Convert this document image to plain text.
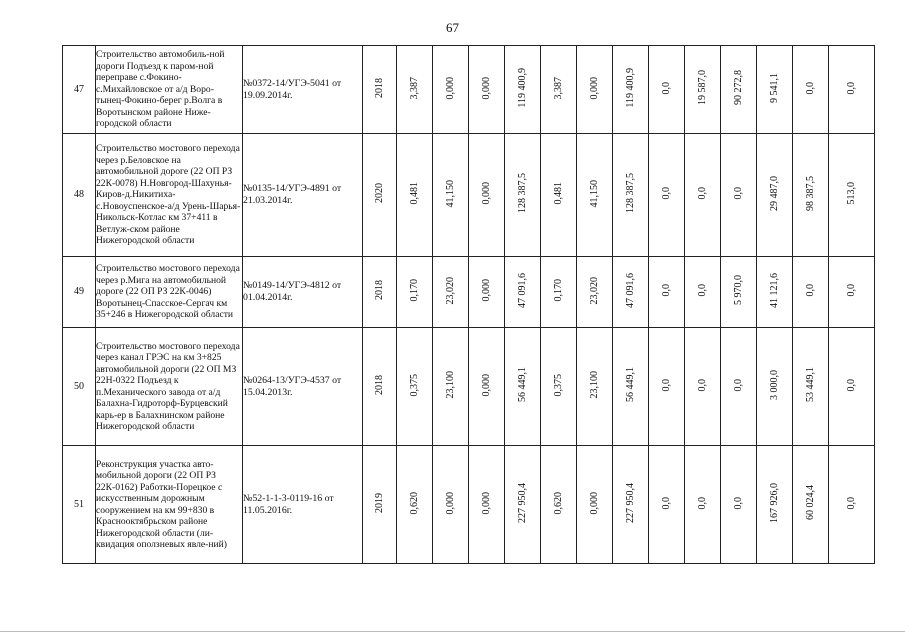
67
47	Строительство автомобиль-ной дороги Подъезд к паром-ной переправе с.Фокино-с.Михайловское от а/д Воро-тынец-Фокино-берег р.Волга в Воротынском районе Ниже-городской области	№0372-14/УГЭ-5041 от 19.09.2014г.	2018	3,387	0,000	0,000	119 400,9	3,387	0,000	119 400,9	0,0	19 587,0	90 272,8	9 541,1	0,0	0,0
48	Строительство мостового перехода через р.Беловское на автомобильной дороге (22 ОП РЗ 22К-0078) Н.Новгород-Шахунья-Киров-д.Никитиха-с.Новоуспенское-а/д Урень-Шарья-Никольск-Котлас км 37+411 в Ветлуж-ском районе Нижегородской области	№0135-14/УГЭ-4891 от 21.03.2014г.	2020	0,481	41,150	0,000	128 387,5	0,481	41,150	128 387,5	0,0	0,0	0,0	29 487,0	98 387,5	513,0
49	Строительство мостового перехода через р.Мига на автомобильной дороге (22 ОП РЗ 22К-0046) Воротынец-Спасское-Сергач км 35+246 в Нижегородской области	№0149-14/УГЭ-4812 от 01.04.2014г.	2018	0,170	23,020	0,000	47 091,6	0,170	23,020	47 091,6	0,0	0,0	5 970,0	41 121,6	0,0	0,0
50	Строительство мостового перехода через канал ГРЭС на км 3+825 автомобильной дороги (22 ОП МЗ 22Н-0322 Подъезд к п.Механического завода от а/д Балахна-Гидроторф-Бурцевский карь-ер в Балахнинском районе Нижегородской области	№0264-13/УГЭ-4537 от 15.04.2013г.	2018	0,375	23,100	0,000	56 449,1	0,375	23,100	56 449,1	0,0	0,0	0,0	3 000,0	53 449,1	0,0
51	Реконструкция участка авто-мобильной дороги (22 ОП РЗ 22К-0162) Работки-Порецкое с искусственным дорожным сооружением на км 99+830 в Краснооктябрьском районе Нижегородской области (ли-квидация оползневых явле-ний)	№52-1-1-3-0119-16 от 11.05.2016г.	2019	0,620	0,000	0,000	227 950,4	0,620	0,000	227 950,4	0,0	0,0	0,0	167 926,0	60 024,4	0,0
